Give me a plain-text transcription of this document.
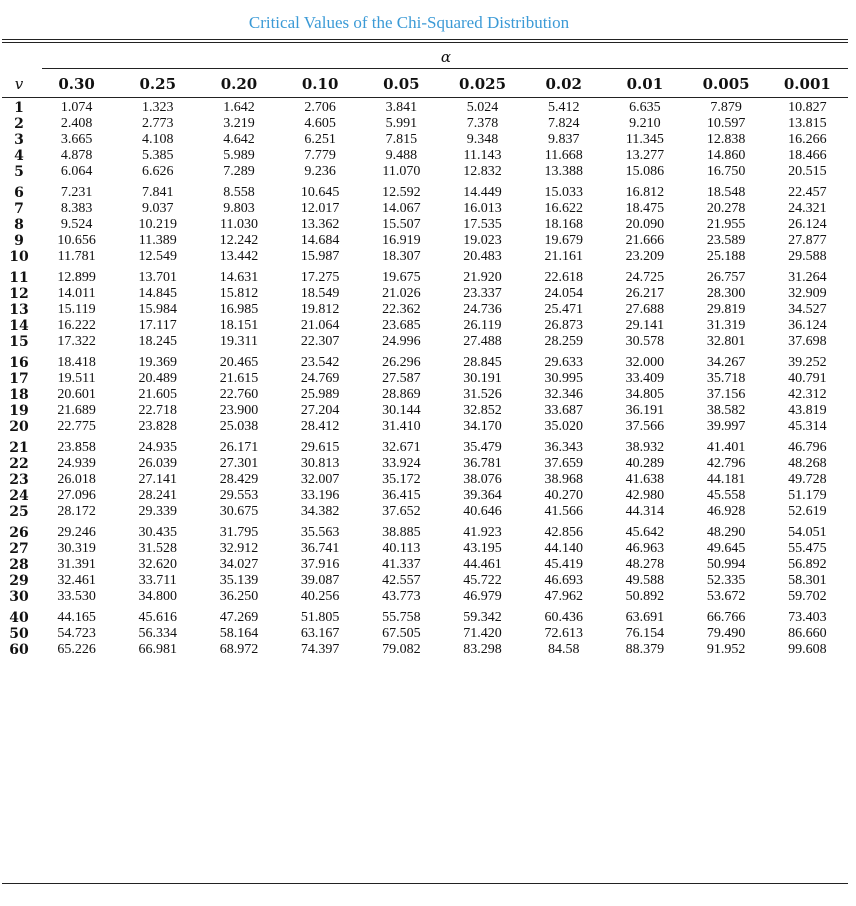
Critical Values of the Chi-Squared Distribution
α
v	0.30	0.25	0.20	0.10	0.05	0.025	0.02	0.01	0.005	0.001
1	1.074	1.323	1.642	2.706	3.841	5.024	5.412	6.635	7.879	10.827
2	2.408	2.773	3.219	4.605	5.991	7.378	7.824	9.210	10.597	13.815
3	3.665	4.108	4.642	6.251	7.815	9.348	9.837	11.345	12.838	16.266
4	4.878	5.385	5.989	7.779	9.488	11.143	11.668	13.277	14.860	18.466
5	6.064	6.626	7.289	9.236	11.070	12.832	13.388	15.086	16.750	20.515
6	7.231	7.841	8.558	10.645	12.592	14.449	15.033	16.812	18.548	22.457
7	8.383	9.037	9.803	12.017	14.067	16.013	16.622	18.475	20.278	24.321
8	9.524	10.219	11.030	13.362	15.507	17.535	18.168	20.090	21.955	26.124
9	10.656	11.389	12.242	14.684	16.919	19.023	19.679	21.666	23.589	27.877
10	11.781	12.549	13.442	15.987	18.307	20.483	21.161	23.209	25.188	29.588
11	12.899	13.701	14.631	17.275	19.675	21.920	22.618	24.725	26.757	31.264
12	14.011	14.845	15.812	18.549	21.026	23.337	24.054	26.217	28.300	32.909
13	15.119	15.984	16.985	19.812	22.362	24.736	25.471	27.688	29.819	34.527
14	16.222	17.117	18.151	21.064	23.685	26.119	26.873	29.141	31.319	36.124
15	17.322	18.245	19.311	22.307	24.996	27.488	28.259	30.578	32.801	37.698
16	18.418	19.369	20.465	23.542	26.296	28.845	29.633	32.000	34.267	39.252
17	19.511	20.489	21.615	24.769	27.587	30.191	30.995	33.409	35.718	40.791
18	20.601	21.605	22.760	25.989	28.869	31.526	32.346	34.805	37.156	42.312
19	21.689	22.718	23.900	27.204	30.144	32.852	33.687	36.191	38.582	43.819
20	22.775	23.828	25.038	28.412	31.410	34.170	35.020	37.566	39.997	45.314
21	23.858	24.935	26.171	29.615	32.671	35.479	36.343	38.932	41.401	46.796
22	24.939	26.039	27.301	30.813	33.924	36.781	37.659	40.289	42.796	48.268
23	26.018	27.141	28.429	32.007	35.172	38.076	38.968	41.638	44.181	49.728
24	27.096	28.241	29.553	33.196	36.415	39.364	40.270	42.980	45.558	51.179
25	28.172	29.339	30.675	34.382	37.652	40.646	41.566	44.314	46.928	52.619
26	29.246	30.435	31.795	35.563	38.885	41.923	42.856	45.642	48.290	54.051
27	30.319	31.528	32.912	36.741	40.113	43.195	44.140	46.963	49.645	55.475
28	31.391	32.620	34.027	37.916	41.337	44.461	45.419	48.278	50.994	56.892
29	32.461	33.711	35.139	39.087	42.557	45.722	46.693	49.588	52.335	58.301
30	33.530	34.800	36.250	40.256	43.773	46.979	47.962	50.892	53.672	59.702
40	44.165	45.616	47.269	51.805	55.758	59.342	60.436	63.691	66.766	73.403
50	54.723	56.334	58.164	63.167	67.505	71.420	72.613	76.154	79.490	86.660
60	65.226	66.981	68.972	74.397	79.082	83.298	84.58	88.379	91.952	99.608
